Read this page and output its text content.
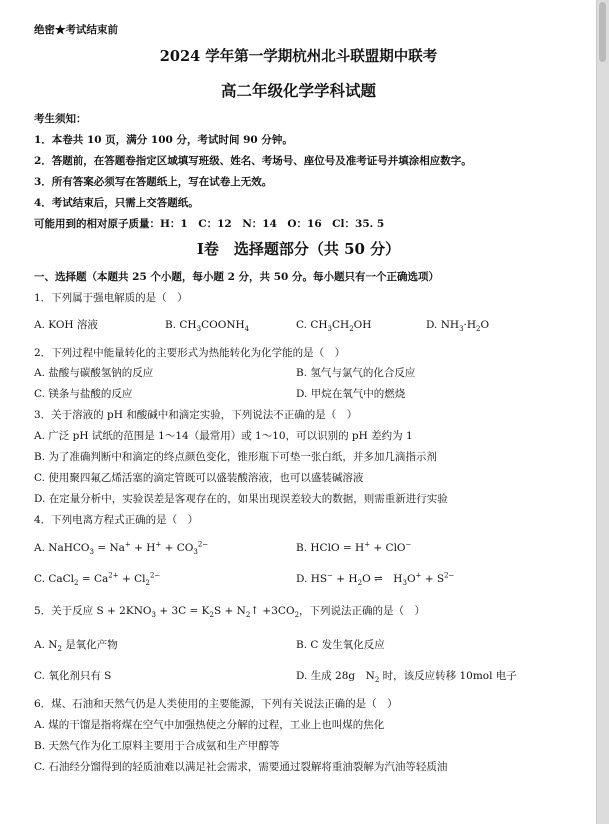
绝密★考试结束前
2024 学年第一学期杭州北斗联盟期中联考
高二年级化学学科试题
考生须知：
1．本卷共 10 页，满分 100 分，考试时间 90 分钟。
2．答题前，在答题卷指定区域填写班级、姓名、考场号、座位号及准考证号并填涂相应数字。
3．所有答案必须写在答题纸上，写在试卷上无效。
4．考试结束后，只需上交答题纸。
可能用到的相对原子质量：H：1　C：12　N：14　O：16　Cl：35. 5
Ⅰ卷　选择题部分（共 50 分）
一、选择题（本题共 25 个小题，每小题 2 分，共 50 分。每小题只有一个正确选项）
1．下列属于强电解质的是（　）
A. KOH 溶液	B. $CH_3COONH_4$	C. $CH_3CH_2OH$	D. $NH_3\cdot H_2O$
2．下列过程中能量转化的主要形式为热能转化为化学能的是（　）
A. 盐酸与碳酸氢钠的反应	B. 氢气与氯气的化合反应
C. 镁条与盐酸的反应	D. 甲烷在氧气中的燃烧
3．关于溶液的 pH 和酸碱中和滴定实验，下列说法不正确的是（　）
A. 广泛 pH 试纸的范围是 1～14（最常用）或 1～10，可以识别的 pH 差约为 1
B. 为了准确判断中和滴定的终点颜色变化，锥形瓶下可垫一张白纸，并多加几滴指示剂
C. 使用聚四氟乙烯活塞的滴定管既可以盛装酸溶液，也可以盛装碱溶液
D. 在定量分析中，实验误差是客观存在的，如果出现误差较大的数据，则需重新进行实验
4．下列电离方程式正确的是（　）
A. NaHCO$_3$ = $Na^+ + H^+ + CO_3^{2-}$	B. HClO = H+ + ClO−
C. CaCl$_2$ = $Ca^{2+} + Cl_2^{2-}$	D. $HS^- + H_2O$ ⇌　$H_3O^+ + S^{2-}$
5．关于反应 $S + 2KNO_3 + 3C = K_2S$ + $N_2↑ +3CO_2$，下列说法正确的是（　）
A. $N_2$ 是氧化产物	B. C 发生氧化反应
C. 氧化剂只有 S	D. 生成 28g　$N_2$ 时，该反应转移 10mol 电子
6．煤、石油和天然气仍是人类使用的主要能源，下列有关说法正确的是（　）
A. 煤的干馏是指将煤在空气中加强热使之分解的过程，工业上也叫煤的焦化
B. 天然气作为化工原料主要用于合成氨和生产甲醇等
C. 石油经分馏得到的轻质油难以满足社会需求，需要通过裂解将重油裂解为汽油等轻质油
